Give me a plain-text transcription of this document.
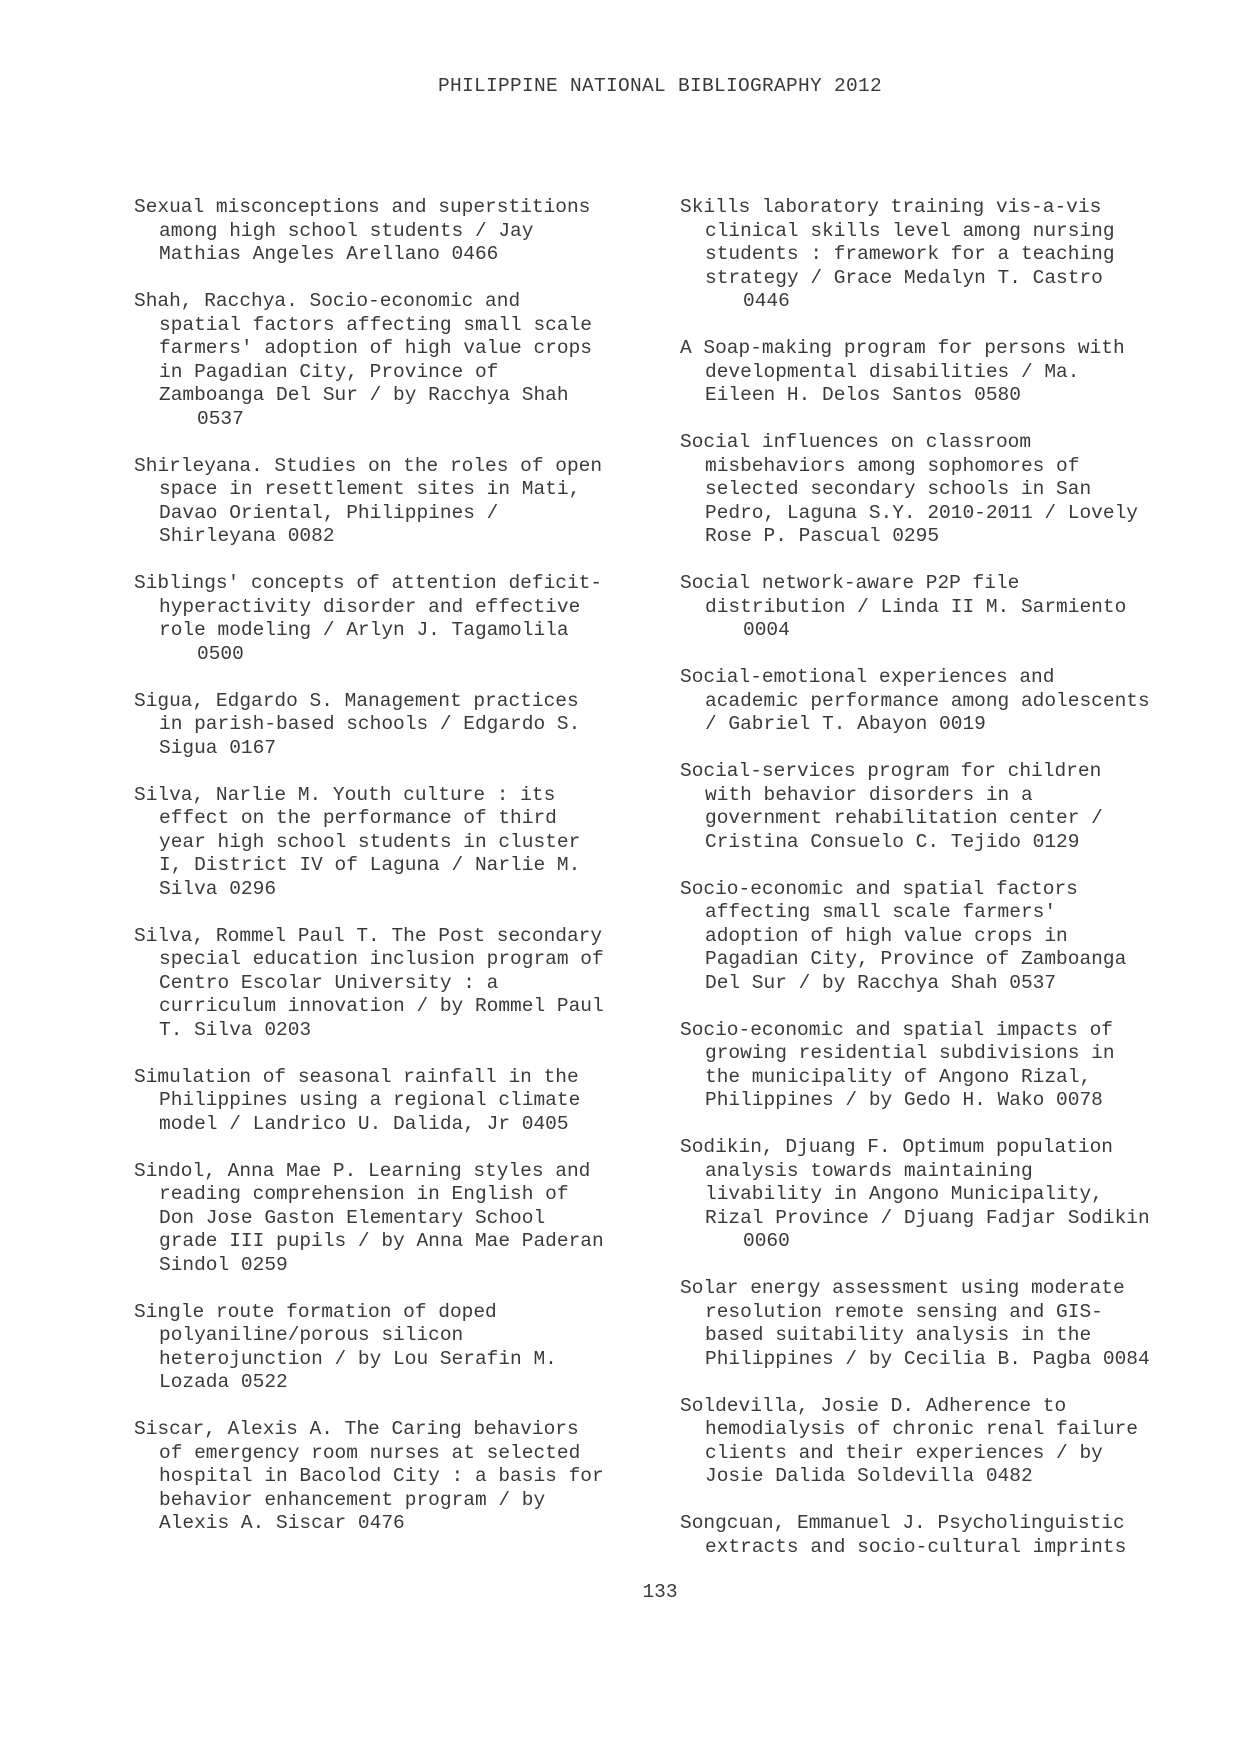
PHILIPPINE NATIONAL BIBLIOGRAPHY 2012
Sexual misconceptions and superstitions
among high school students / Jay
Mathias Angeles Arellano 0466
Shah, Racchya. Socio-economic and
spatial factors affecting small scale
farmers' adoption of high value crops
in Pagadian City, Province of
Zamboanga Del Sur / by Racchya Shah
0537
Shirleyana. Studies on the roles of open
space in resettlement sites in Mati,
Davao Oriental, Philippines /
Shirleyana 0082
Siblings' concepts of attention deficit-
hyperactivity disorder and effective
role modeling / Arlyn J. Tagamolila
0500
Sigua, Edgardo S. Management practices
in parish-based schools / Edgardo S.
Sigua 0167
Silva, Narlie M. Youth culture : its
effect on the performance of third
year high school students in cluster
I, District IV of Laguna / Narlie M.
Silva 0296
Silva, Rommel Paul T. The Post secondary
special education inclusion program of
Centro Escolar University : a
curriculum innovation / by Rommel Paul
T. Silva 0203
Simulation of seasonal rainfall in the
Philippines using a regional climate
model / Landrico U. Dalida, Jr 0405
Sindol, Anna Mae P. Learning styles and
reading comprehension in English of
Don Jose Gaston Elementary School
grade III pupils / by Anna Mae Paderan
Sindol 0259
Single route formation of doped
polyaniline/porous silicon
heterojunction / by Lou Serafin M.
Lozada 0522
Siscar, Alexis A. The Caring behaviors
of emergency room nurses at selected
hospital in Bacolod City : a basis for
behavior enhancement program / by
Alexis A. Siscar 0476
Skills laboratory training vis-a-vis
clinical skills level among nursing
students : framework for a teaching
strategy / Grace Medalyn T. Castro
0446
A Soap-making program for persons with
developmental disabilities / Ma.
Eileen H. Delos Santos 0580
Social influences on classroom
misbehaviors among sophomores of
selected secondary schools in San
Pedro, Laguna S.Y. 2010-2011 / Lovely
Rose P. Pascual 0295
Social network-aware P2P file
distribution / Linda II M. Sarmiento
0004
Social-emotional experiences and
academic performance among adolescents
/ Gabriel T. Abayon 0019
Social-services program for children
with behavior disorders in a
government rehabilitation center /
Cristina Consuelo C. Tejido 0129
Socio-economic and spatial factors
affecting small scale farmers'
adoption of high value crops in
Pagadian City, Province of Zamboanga
Del Sur / by Racchya Shah 0537
Socio-economic and spatial impacts of
growing residential subdivisions in
the municipality of Angono Rizal,
Philippines / by Gedo H. Wako 0078
Sodikin, Djuang F. Optimum population
analysis towards maintaining
livability in Angono Municipality,
Rizal Province / Djuang Fadjar Sodikin
0060
Solar energy assessment using moderate
resolution remote sensing and GIS-
based suitability analysis in the
Philippines / by Cecilia B. Pagba 0084
Soldevilla, Josie D. Adherence to
hemodialysis of chronic renal failure
clients and their experiences / by
Josie Dalida Soldevilla 0482
Songcuan, Emmanuel J. Psycholinguistic
extracts and socio-cultural imprints
133
